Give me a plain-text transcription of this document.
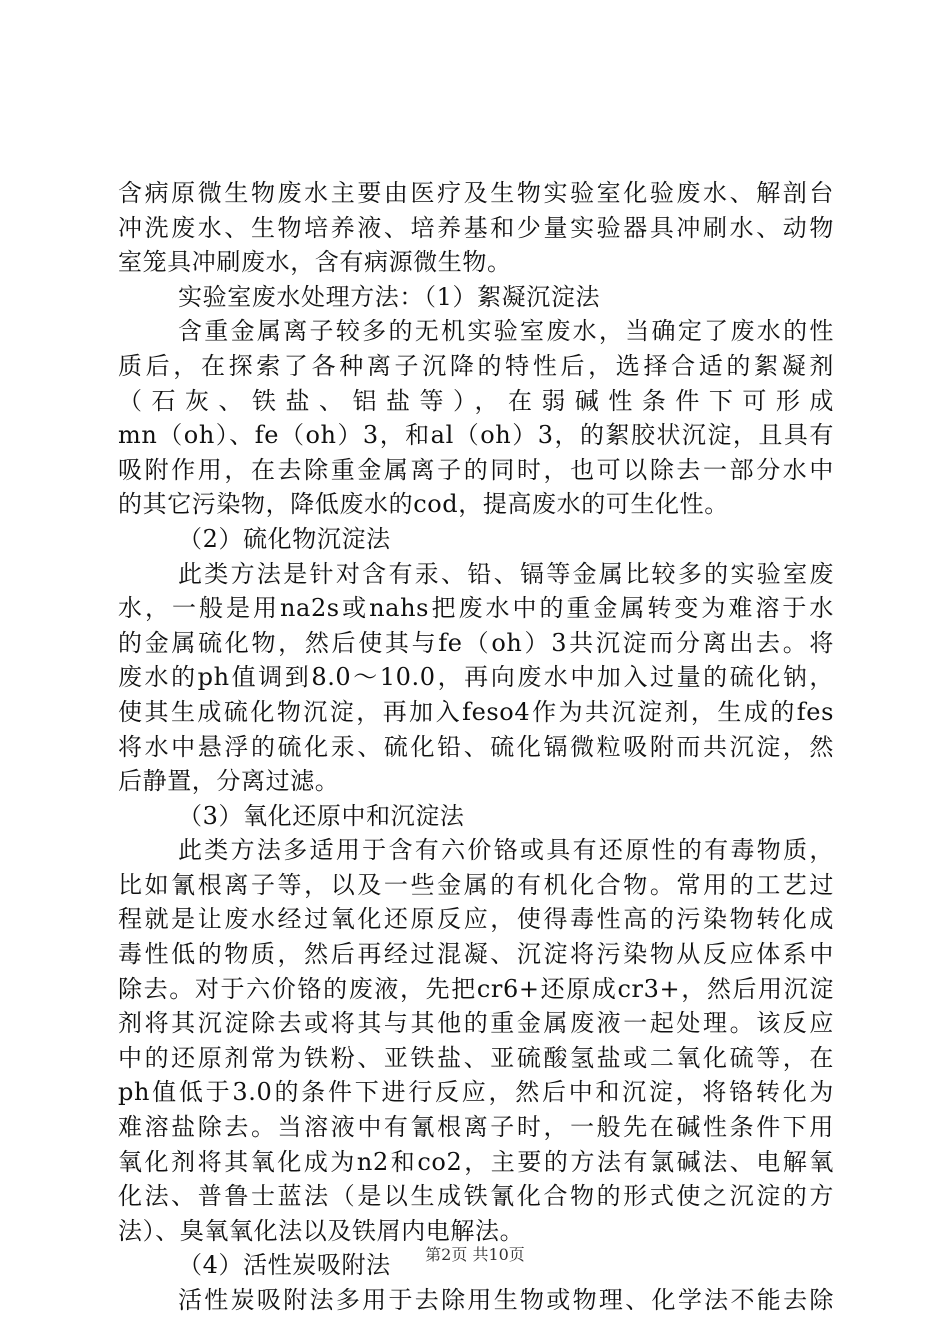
含病原微生物废水主要由医疗及生物实验室化验废水、解剖台
冲洗废水、生物培养液、培养基和少量实验器具冲刷水、动物
室笼具冲刷废水，含有病源微生物。
实验室废水处理方法：（1）絮凝沉淀法
含重金属离子较多的无机实验室废水，当确定了废水的性
质后，在探索了各种离子沉降的特性后，选择合适的絮凝剂
（石灰、铁盐、铝盐等），在弱碱性条件下可形成
mn（oh）、fe（oh）3，和al（oh）3，的絮胶状沉淀，且具有
吸附作用，在去除重金属离子的同时，也可以除去一部分水中
的其它污染物，降低废水的cod，提高废水的可生化性。
（2）硫化物沉淀法
此类方法是针对含有汞、铅、镉等金属比较多的实验室废
水，一般是用na2s或nahs把废水中的重金属转变为难溶于水
的金属硫化物，然后使其与fe（oh）3共沉淀而分离出去。将
废水的ph值调到8.0～10.0，再向废水中加入过量的硫化钠，
使其生成硫化物沉淀，再加入feso4作为共沉淀剂，生成的fes
将水中悬浮的硫化汞、硫化铅、硫化镉微粒吸附而共沉淀，然
后静置，分离过滤。
（3）氧化还原中和沉淀法
此类方法多适用于含有六价铬或具有还原性的有毒物质，
比如氰根离子等，以及一些金属的有机化合物。常用的工艺过
程就是让废水经过氧化还原反应，使得毒性高的污染物转化成
毒性低的物质，然后再经过混凝、沉淀将污染物从反应体系中
除去。对于六价铬的废液，先把cr6+还原成cr3+，然后用沉淀
剂将其沉淀除去或将其与其他的重金属废液一起处理。该反应
中的还原剂常为铁粉、亚铁盐、亚硫酸氢盐或二氧化硫等，在
ph值低于3.0的条件下进行反应，然后中和沉淀，将铬转化为
难溶盐除去。当溶液中有氰根离子时，一般先在碱性条件下用
氧化剂将其氧化成为n2和co2，主要的方法有氯碱法、电解氧
化法、普鲁士蓝法（是以生成铁氰化合物的形式使之沉淀的方
法）、臭氧氧化法以及铁屑内电解法。
（4）活性炭吸附法
活性炭吸附法多用于去除用生物或物理、化学法不能去除
第2页 共10页
